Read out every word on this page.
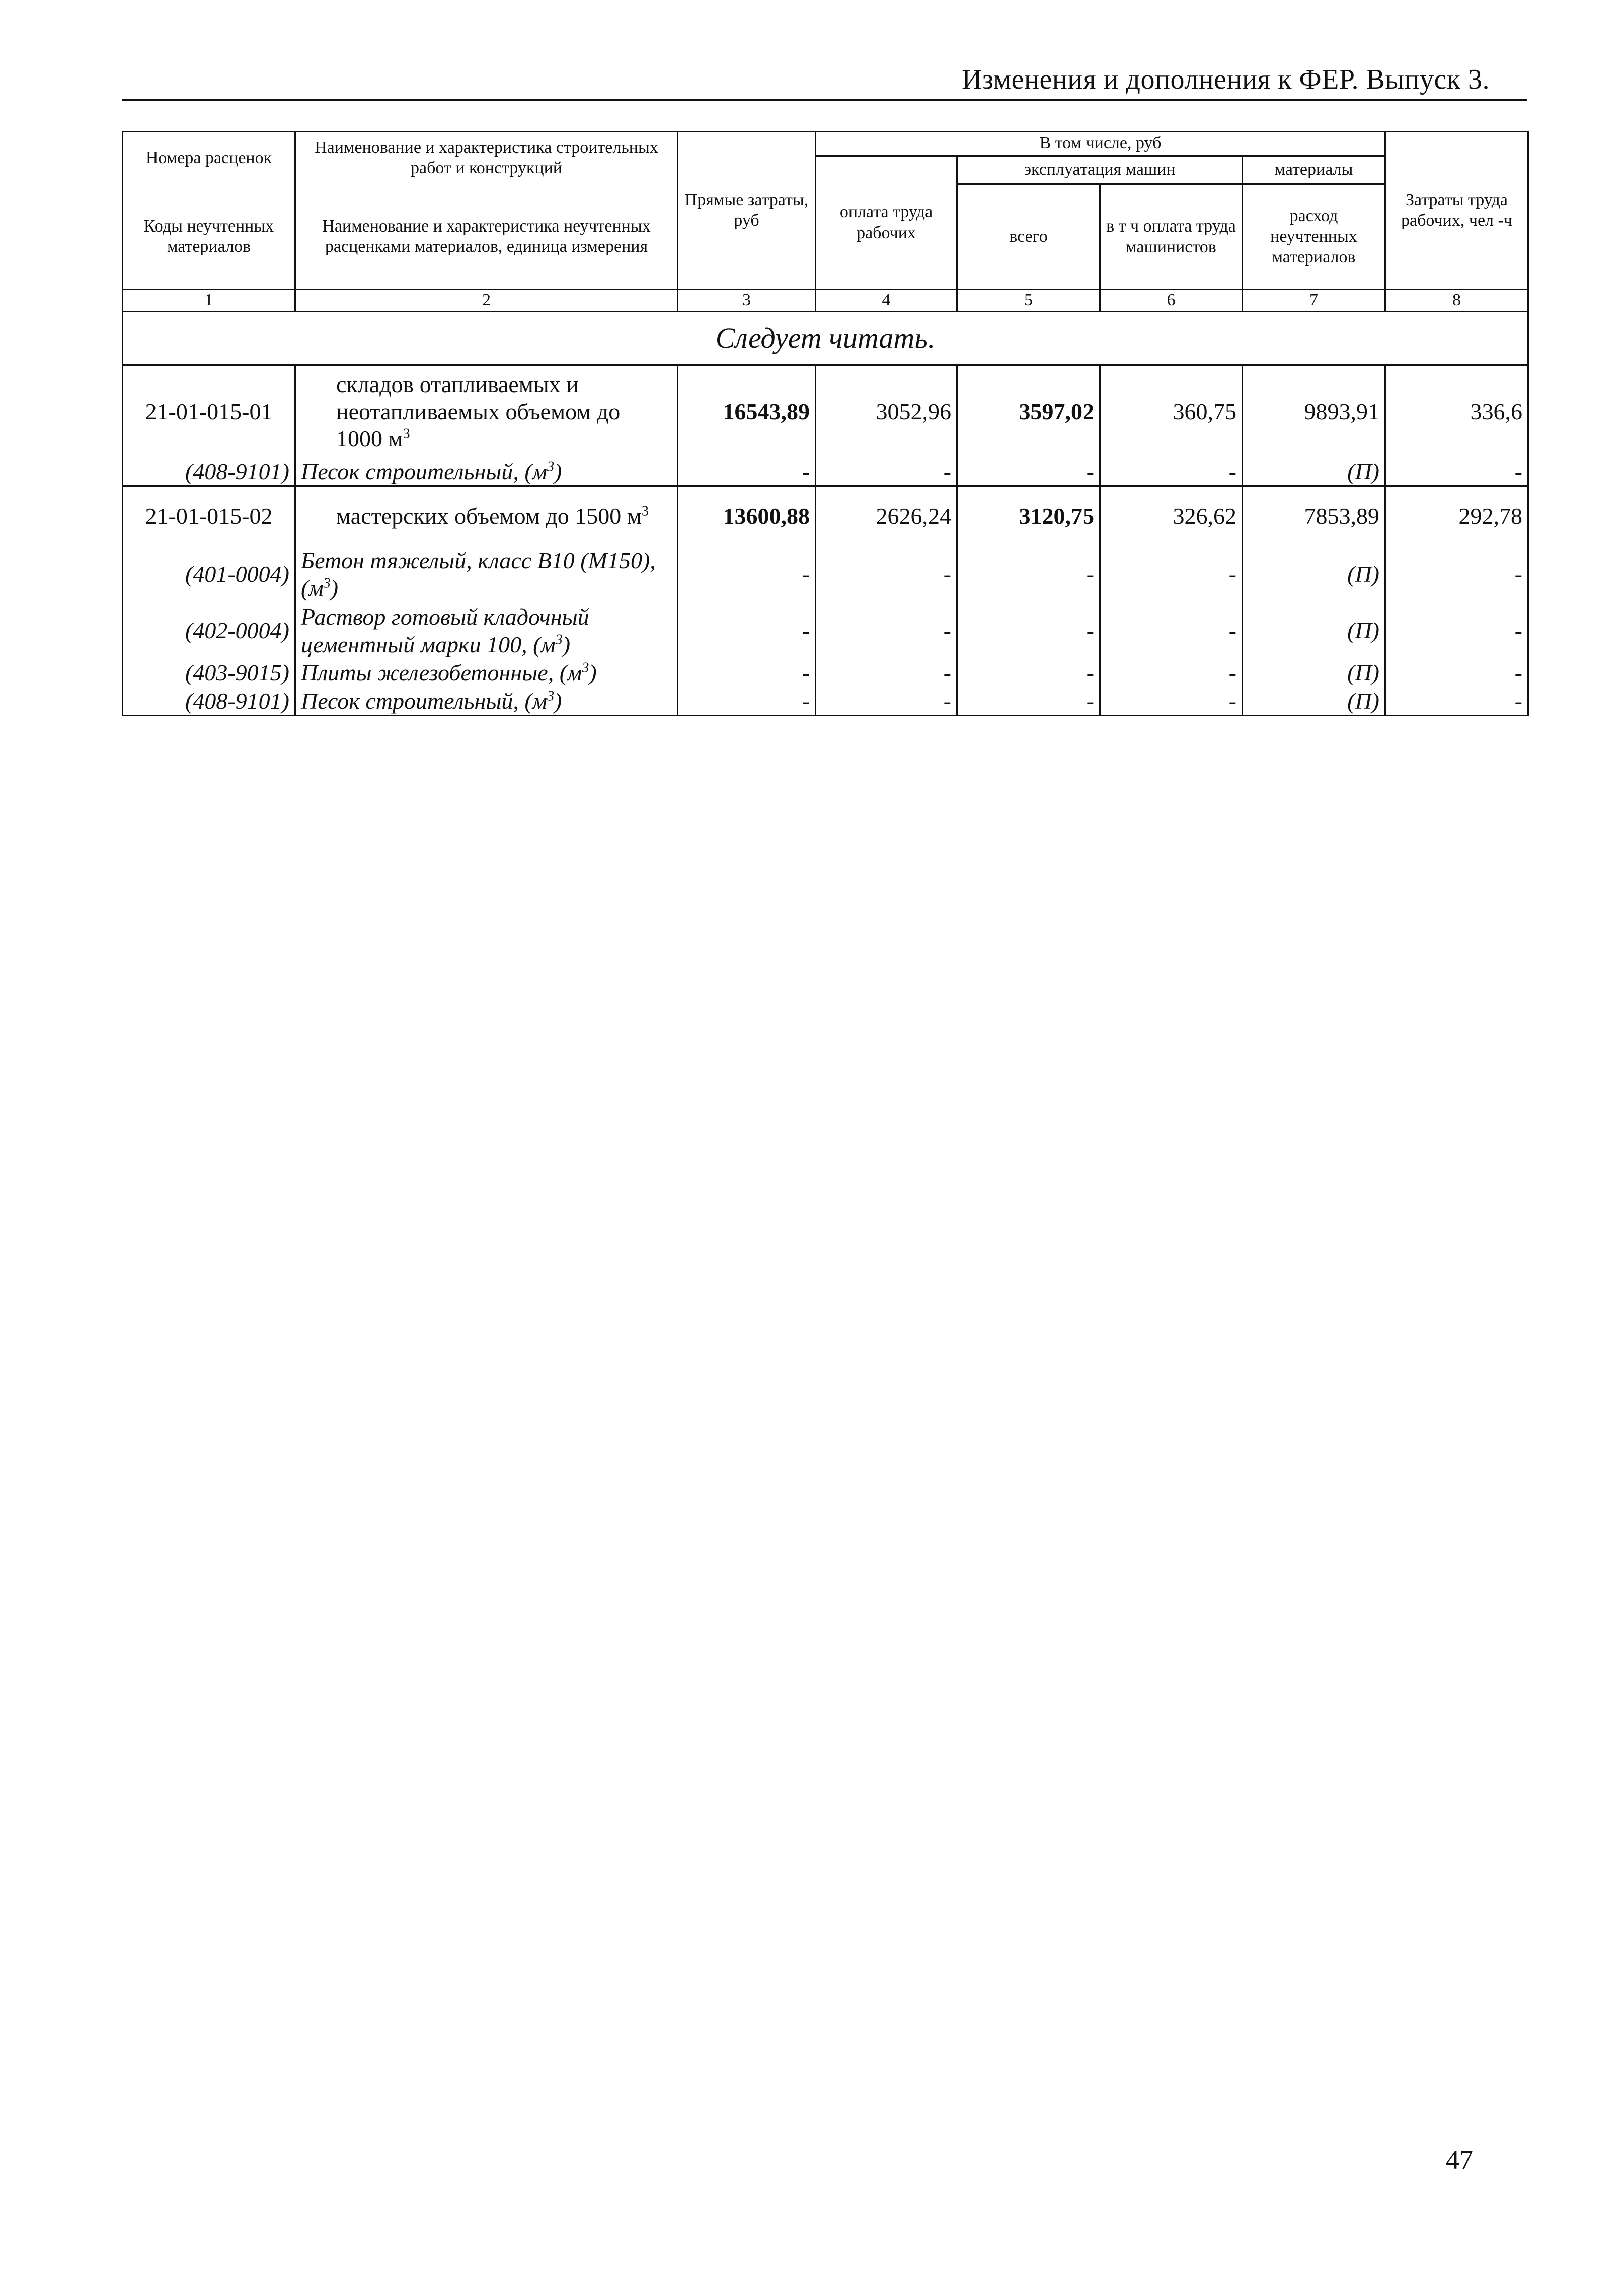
Изменения и дополнения к ФЕР. Выпуск 3.
Номера расценок	Наименование и характеристика строительных работ и конструкций	Прямые затраты, руб	В том числе, руб				Затраты труда рабочих, чел -ч
			оплата труда рабочих	эксплуатация машин		материалы	
Коды неучтенных материалов	Наименование и характеристика неучтенных расценками материалов, единица измерения			всего	в т ч оплата труда машинистов	расход неучтенных материалов	

1	2	3	4	5	6	7	8
Следует читать.							
21-01-015-01	складов отапливаемых и неотапливаемых объемом до 1000 $м^3$	16543,89	3052,96	3597,02	360,75	9893,91	336,6
(408-9101)	Песок строительный, $(м^3)$	-	-	-	-	(П)	-
21-01-015-02	мастерских объемом до 1500 $м^3$	13600,88	2626,24	3120,75	326,62	7853,89	292,78
(401-0004)	Бетон тяжелый, класс В10 (М150), $(м^3)$	-	-	-	-	(П)	-
(402-0004)	Раствор готовый кладочный цементный марки 100, $(м^3)$	-	-	-	-	(П)	-
(403-9015)	Плиты железобетонные, $(м^3)$	-	-	-	-	(П)	-
(408-9101)	Песок строительный, $(м^3)$	-	-	-	-	(П)	-
47
